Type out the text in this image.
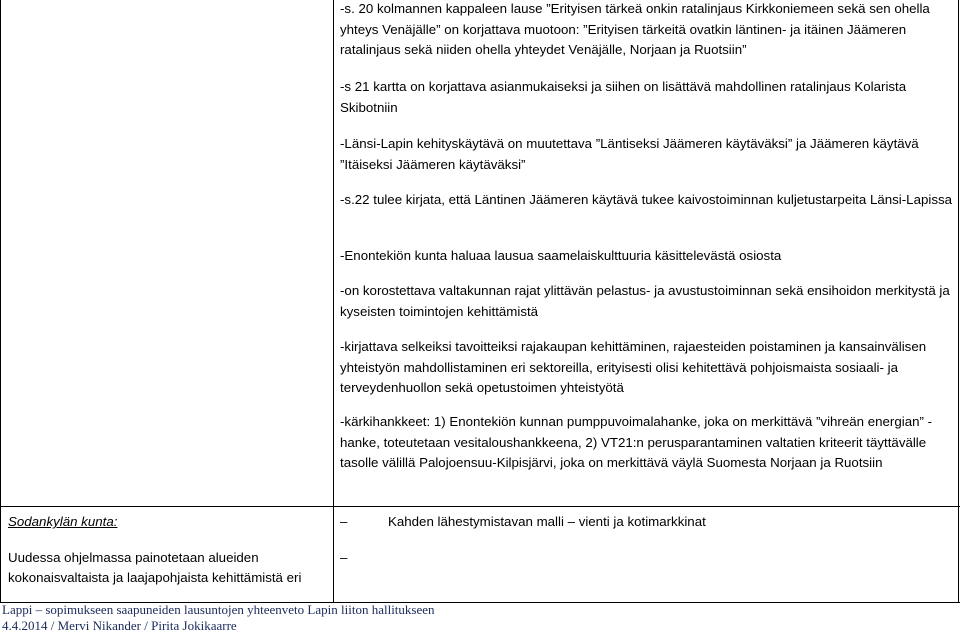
-s. 20 kolmannen kappaleen lause ”Erityisen tärkeä onkin ratalinjaus Kirkkoniemeen sekä sen ohella yhteys Venäjälle” on korjattava muotoon: ”Erityisen tärkeitä ovatkin läntinen- ja itäinen Jäämeren ratalinjaus sekä niiden ohella yhteydet Venäjälle, Norjaan ja Ruotsiin”

-s 21 kartta on korjattava asianmukaiseksi ja siihen on lisättävä mahdollinen ratalinjaus Kolarista Skibotniin

-Länsi-Lapin kehityskäytävä on muutettava ”Läntiseksi Jäämeren käytäväksi” ja Jäämeren käytävä ”Itäiseksi Jäämeren käytäväksi”

-s.22 tulee kirjata, että Läntinen Jäämeren käytävä tukee kaivostoiminnan kuljetustarpeita Länsi-Lapissa

-Enontekiön kunta haluaa lausua saamelaiskulttuuria käsittelevästä osiosta

-on korostettava valtakunnan rajat ylittävän pelastus- ja avustustoiminnan sekä ensihoidon merkitystä ja kyseisten toimintojen kehittämistä

-kirjattava selkeiksi tavoitteiksi rajakaupan kehittäminen, rajaesteiden poistaminen ja kansainvälisen yhteistyön mahdollistaminen eri sektoreilla, erityisesti olisi kehitettävä pohjoismaista sosiaali- ja terveydenhuollon sekä opetustoimen yhteistyötä

-kärkihankkeet: 1) Enontekiön kunnan pumppuvoimalahanke, joka on merkittävä ”vihreän energian” -hanke, toteutetaan vesitaloushankkeena, 2) VT21:n perusparantaminen valtatien kriteerit täyttävälle tasolle välillä Palojoensuu-Kilpisjärvi, joka on merkittävä väylä Suomesta Norjaan ja Ruotsiin

Sodankylän kunta:

Uudessa ohjelmassa painotetaan alueiden kokonaisvaltaista ja laajapohjaista kehittämistä eri

–	Kahden lähestymistavan malli – vienti ja kotimarkkinat
–

Lappi – sopimukseen saapuneiden lausuntojen yhteenveto Lapin liiton hallitukseen

4.4.2014 / Mervi Nikander / Pirita Jokikaarre
